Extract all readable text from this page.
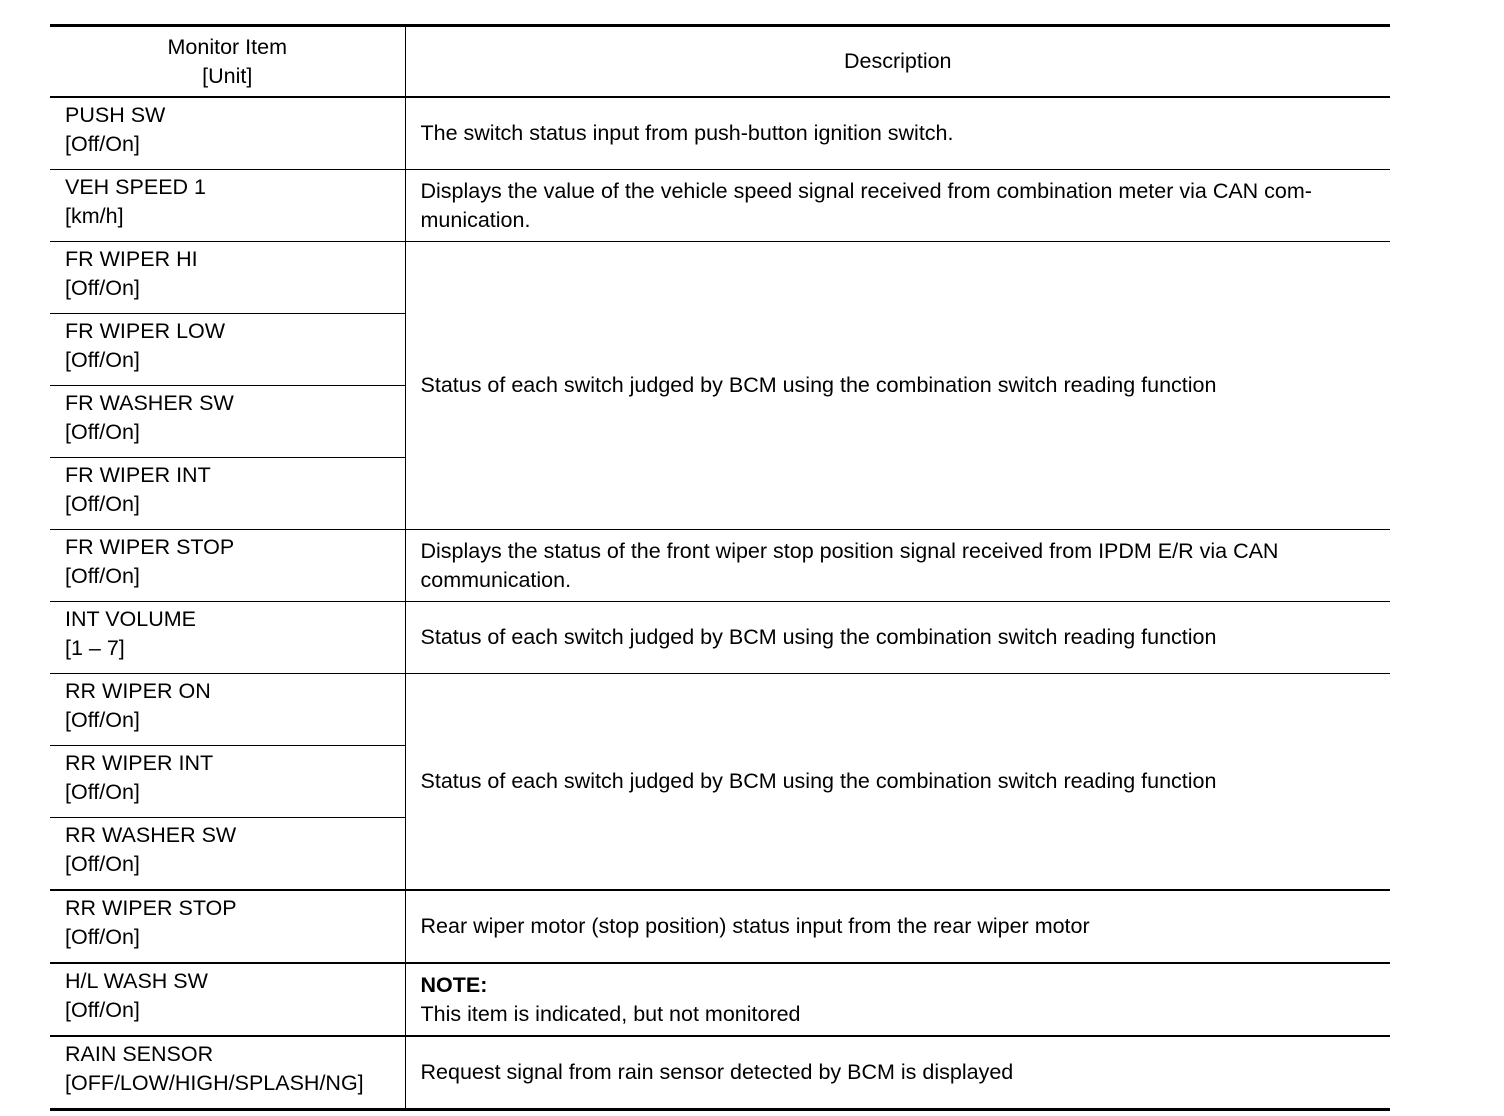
Monitor Item
[Unit]	Description

PUSH SW
[Off/On]	The switch status input from push-button ignition switch.

VEH SPEED 1
[km/h]	Displays the value of the vehicle speed signal received from combination meter via CAN com-munication.

FR WIPER HI
[Off/On]	Status of each switch judged by BCM using the combination switch reading function

FR WIPER LOW
[Off/On]	

FR WASHER SW
[Off/On]	

FR WIPER INT
[Off/On]	

FR WIPER STOP
[Off/On]	Displays the status of the front wiper stop position signal received from IPDM E/R via CAN communication.

INT VOLUME
[1 – 7]	Status of each switch judged by BCM using the combination switch reading function

RR WIPER ON
[Off/On]	Status of each switch judged by BCM using the combination switch reading function

RR WIPER INT
[Off/On]	

RR WASHER SW
[Off/On]	

RR WIPER STOP
[Off/On]	Rear wiper motor (stop position) status input from the rear wiper motor

H/L WASH SW
[Off/On]	NOTE:
This item is indicated, but not monitored

RAIN SENSOR
[OFF/LOW/HIGH/SPLASH/NG]	Request signal from rain sensor detected by BCM is displayed
